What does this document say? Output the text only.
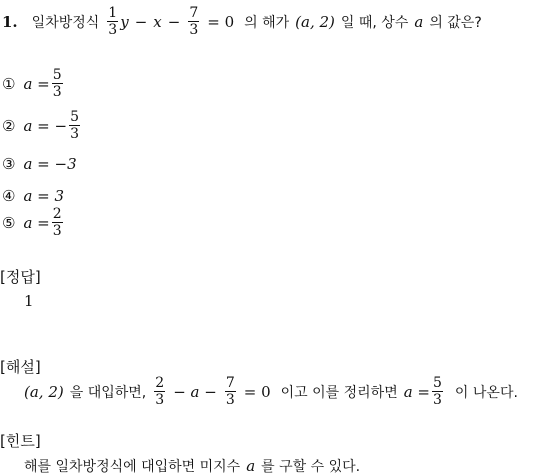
1. 일차방정식 $\frac{1}{3}$ $y - x - \frac{7}{3} = 0$ 의 해가 (a, 2) 일 때, 상수 a 의 값은?
① $a = \frac{5}{3}$
② a = − $\frac{5}{3}$
③ a = −3
④ a = 3
⑤ $a = \frac{2}{3}$
[정답]
1
[해설]
(a, 2) 을 대입하면, $\frac{2}{3} - a - \frac{7}{3} = 0$ 이고 이를 정리하면 $a = \frac{5}{3}$ 이 나온다.
[힌트]
해를 일차방정식에 대입하면 미지수 a 를 구할 수 있다.
